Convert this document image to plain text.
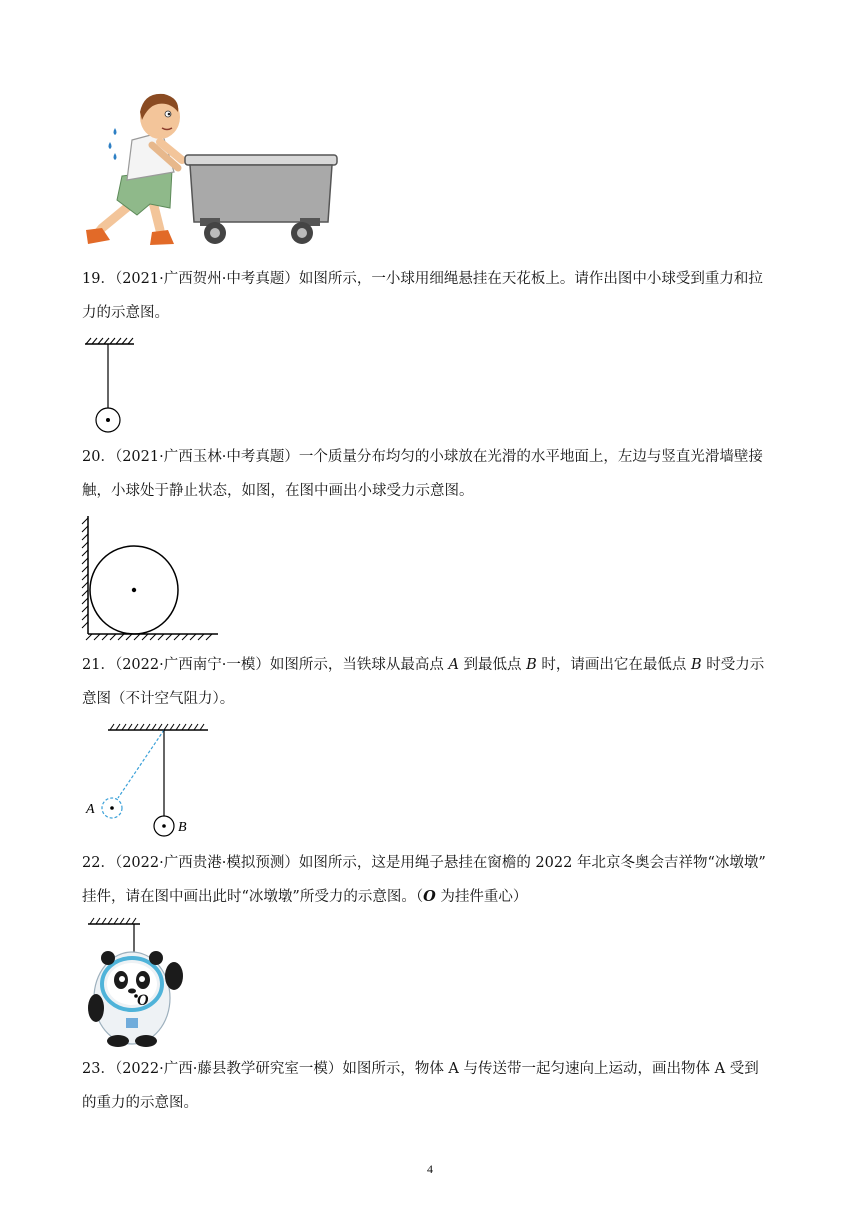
19．（2021·广西贺州·中考真题）如图所示，一小球用细绳悬挂在天花板上。请作出图中小球受到重力和拉
力的示意图。
20．（2021·广西玉林·中考真题）一个质量分布均匀的小球放在光滑的水平地面上，左边与竖直光滑墙壁接
触，小球处于静止状态，如图，在图中画出小球受力示意图。
21．（2022·广西南宁·一模）如图所示，当铁球从最高点 A 到最低点 B 时，请画出它在最低点 B 时受力示
意图（不计空气阻力）。
A
B
22．（2022·广西贵港·模拟预测）如图所示，这是用绳子悬挂在窗檐的 2022 年北京冬奥会吉祥物“冰墩墩”
挂件，请在图中画出此时“冰墩墩”所受力的示意图。（O 为挂件重心）
O
23．（2022·广西·藤县教学研究室一模）如图所示，物体 A 与传送带一起匀速向上运动，画出物体 A 受到
的重力的示意图。
4
